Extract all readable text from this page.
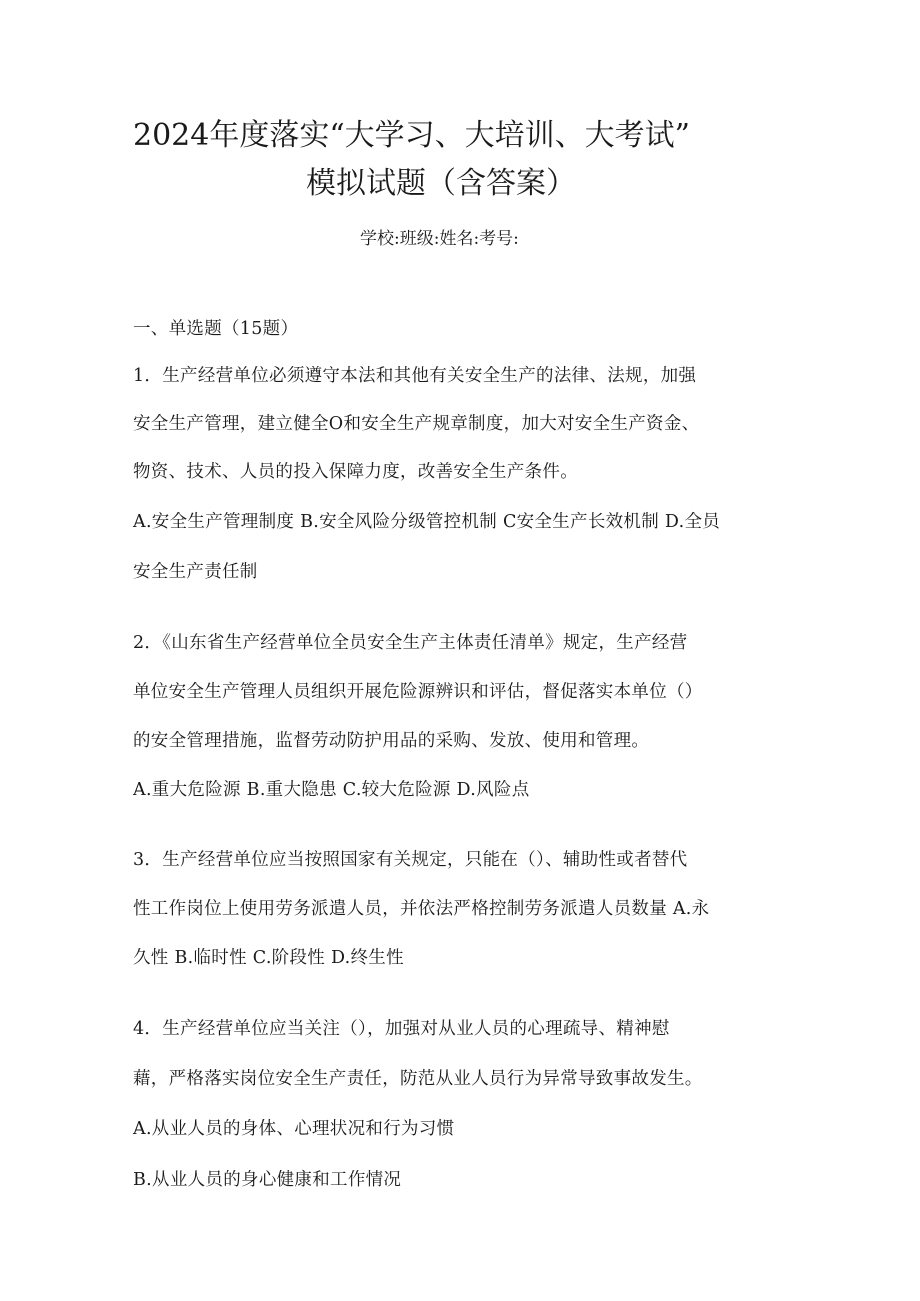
2024年度落实“大学习、大培训、大考试”
模拟试题（含答案）
学校:班级:姓名:考号:
一、单选题（15题）
1．生产经营单位必须遵守本法和其他有关安全生产的法律、法规，加强
安全生产管理，建立健全O和安全生产规章制度，加大对安全生产资金、
物资、技术、人员的投入保障力度，改善安全生产条件。
A.安全生产管理制度 B.安全风险分级管控机制 C安全生产长效机制 D.全员
安全生产责任制
2．《山东省生产经营单位全员安全生产主体责任清单》规定，生产经营
单位安全生产管理人员组织开展危险源辨识和评估，督促落实本单位（）
的安全管理措施，监督劳动防护用品的采购、发放、使用和管理。
A.重大危险源 B.重大隐患 C.较大危险源 D.风险点
3．生产经营单位应当按照国家有关规定，只能在（）、辅助性或者替代
性工作岗位上使用劳务派遣人员，并依法严格控制劳务派遣人员数量 A.永
久性 B.临时性 C.阶段性 D.终生性
4．生产经营单位应当关注（），加强对从业人员的心理疏导、精神慰
藉，严格落实岗位安全生产责任，防范从业人员行为异常导致事故发生。
A.从业人员的身体、心理状况和行为习惯
B.从业人员的身心健康和工作情况
